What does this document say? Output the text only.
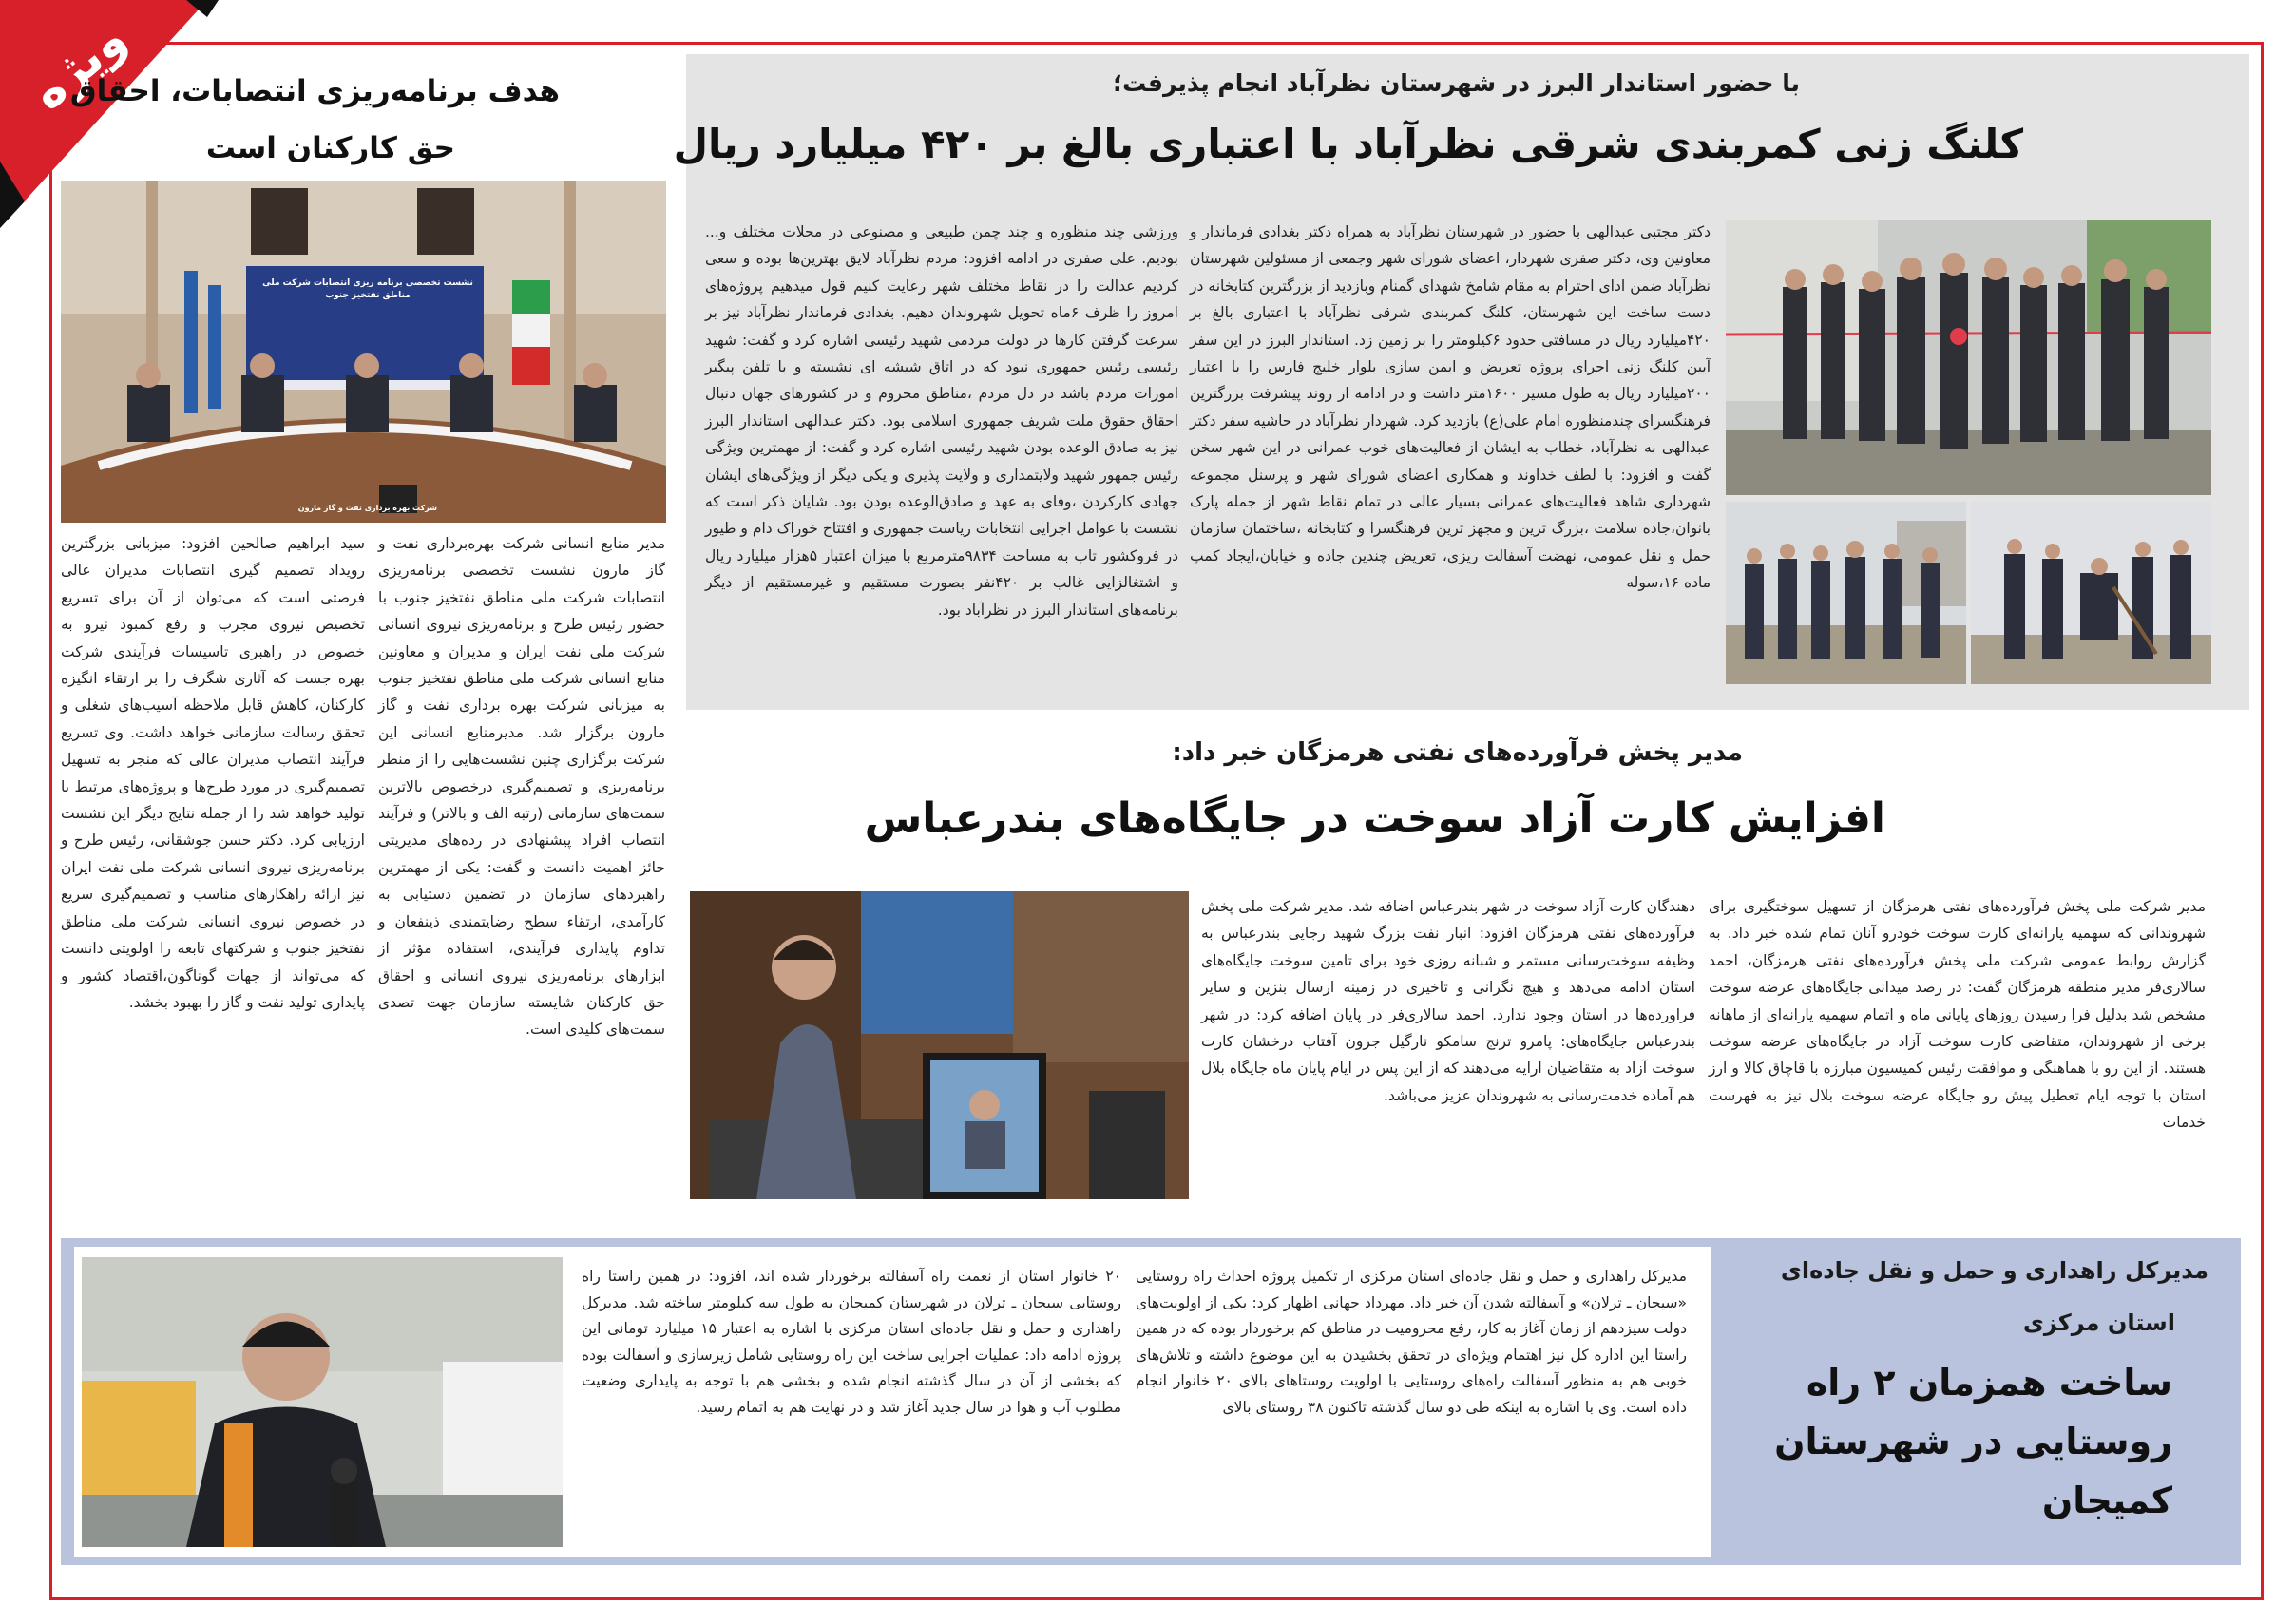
ویژه	با حضور استاندار البرز در شهرستان نظرآباد انجام پذیرفت؛
کلنگ زنی کمربندی شرقی نظرآباد با اعتباری بالغ بر ۴۲۰ میلیارد ریال
دکتر مجتبی عبدالهی با حضور در شهرستان نظرآباد به همراه دکتر بغدادی فرماندار و معاونین وی، دکتر صفری شهردار، اعضای شورای شهر وجمعی از مسئولین شهرستان نظرآباد ضمن ادای احترام به مقام شامخ شهدای گمنام وبازدید از بزرگترین کتابخانه در دست ساخت این شهرستان، کلنگ کمربندی شرقی نظرآباد با اعتباری بالغ بر ۴۲۰میلیارد ریال در مسافتی حدود ۶کیلومتر را بر زمین زد. استاندار البرز در این سفر آیین کلنگ زنی اجرای پروژه تعریض و ایمن سازی بلوار خلیج فارس را با اعتبار ۲۰۰میلیارد ریال به طول مسیر ۱۶۰۰متر داشت و در ادامه از روند پیشرفت بزرگترین فرهنگسرای چندمنظوره امام علی(ع) بازدید کرد. شهردار نظرآباد در حاشیه سفر دکتر عبدالهی به نظرآباد، خطاب به ایشان از فعالیت‌های خوب عمرانی در این شهر سخن گفت و افزود: با لطف خداوند و همکاری اعضای شورای شهر و پرسنل مجموعه شهرداری شاهد فعالیت‌های عمرانی بسیار عالی در تمام نقاط شهر از جمله پارک بانوان،جاده سلامت ،بزرگ ترین و مجهز ترین فرهنگسرا و کتابخانه ،ساختمان سازمان حمل و نقل عمومی، نهضت آسفالت ریزی، تعریض چندین جاده و خیابان،ایجاد کمپ ماده ۱۶،سوله
ورزشی چند منظوره و چند چمن طبیعی و مصنوعی در محلات مختلف و... بودیم. علی صفری در ادامه افزود: مردم نظرآباد لایق بهترین‌ها بوده و سعی کردیم عدالت را در نقاط مختلف شهر رعایت کنیم قول میدهیم پروژه‌های امروز را ظرف ۶ماه تحویل شهروندان دهیم. بغدادی فرماندار نظرآباد نیز بر سرعت گرفتن کارها در دولت مردمی شهید رئیسی اشاره کرد و گفت: شهید رئیسی رئیس جمهوری نبود که در اتاق شیشه ای نشسته و با تلفن پیگیر امورات مردم باشد در دل مردم ،مناطق محروم و در کشورهای جهان دنبال احقاق حقوق ملت شریف جمهوری اسلامی بود. دکتر عبدالهی استاندار البرز نیز به صادق الوعده بودن شهید رئیسی اشاره کرد و گفت: از مهمترین ویژگی رئیس جمهور شهید ولایتمداری و ولایت پذیری و یکی دیگر از ویژگی‌های ایشان جهادی کارکردن ،وفای به عهد و صادق‌الوعده بودن بود. شایان ذکر است که نشست با عوامل اجرایی انتخابات ریاست جمهوری و افتتاح خوراک دام و طیور در فروکشور تاب به مساحت ۹۸۳۴مترمربع با میزان اعتبار ۵هزار میلیارد ریال و اشتغالزایی غالب بر ۴۲۰نفر بصورت مستقیم و غیرمستقیم از دیگر برنامه‌های استاندار البرز در نظرآباد بود.
هدف برنامه‌ریزی انتصابات، احقاق
حق کارکنان است
نشست تخصصی برنامه ریزی انتصابات شرکت ملی مناطق نفتخیز جنوب
شرکت بهره برداری نفت و گاز مارون
مدیر منابع انسانی شرکت بهره‌برداری نفت و گاز مارون نشست تخصصی برنامه‌ریزی انتصابات شرکت ملی مناطق نفتخیز جنوب با حضور رئیس طرح و برنامه‌ریزی نیروی انسانی شرکت ملی نفت ایران و مدیران و معاونین منابع انسانی شرکت ملی مناطق نفتخیز جنوب به میزبانی شرکت بهره برداری نفت و گاز مارون برگزار شد. مدیرمنابع انسانی این شرکت برگزاری چنین نشست‌هایی را از منظر برنامه‌ریزی و تصمیم‌گیری درخصوص بالاترین سمت‌های سازمانی (رتبه الف و بالاتر) و فرآیند انتصاب افراد پیشنهادی در رده‌های مدیریتی حائز اهمیت دانست و گفت: یکی از مهمترین راهبردهای سازمان در تضمین دستیابی به کارآمدی، ارتقاء سطح رضایتمندی ذینفعان و تداوم پایداری فرآیندی، استفاده مؤثر از ابزارهای برنامه‌ریزی نیروی انسانی و احقاق حق کارکنان شایسته سازمان جهت تصدی سمت‌های کلیدی است.
سید ابراهیم صالحین افزود: میزبانی بزرگترین رویداد تصمیم گیری انتصابات مدیران عالی فرصتی است که می‌توان از آن برای تسریع تخصیص نیروی مجرب و رفع کمبود نیرو به خصوص در راهبری تاسیسات فرآیندی شرکت بهره جست که آثاری شگرف را بر ارتقاء انگیزه کارکنان، کاهش قابل ملاحظه آسیب‌های شغلی و تحقق رسالت سازمانی خواهد داشت. وی تسریع فرآیند انتصاب مدیران عالی که منجر به تسهیل تصمیم‌گیری در مورد طرح‌ها و پروژه‌های مرتبط با تولید خواهد شد را از جمله نتایج دیگر این نشست ارزیابی کرد. دکتر حسن جوشقانی، رئیس طرح و برنامه‌ریزی نیروی انسانی شرکت ملی نفت ایران نیز ارائه راهکارهای مناسب و تصمیم‌گیری سریع در خصوص نیروی انسانی شرکت ملی مناطق نفتخیز جنوب و شرکتهای تابعه را اولویتی دانست که می‌تواند از جهات گوناگون،اقتصاد کشور و پایداری تولید نفت و گاز را بهبود بخشد.
مدیر پخش فرآورده‌های نفتی هرمزگان خبر داد:
افزایش کارت آزاد سوخت در جایگاه‌های بندرعباس
مدیر شرکت ملی پخش فرآورده‌های نفتی هرمزگان از تسهیل سوختگیری برای شهروندانی که سهمیه یارانه‌ای کارت سوخت خودرو آنان تمام شده خبر داد. به گزارش روابط عمومی شرکت ملی پخش فرآورده‌های نفتی هرمزگان، احمد سالاری‌فر مدیر منطقه هرمزگان گفت: در رصد میدانی جایگاه‌های عرضه سوخت مشخص شد بدلیل فرا رسیدن روزهای پایانی ماه و اتمام سهمیه یارانه‌ای از ماهانه برخی از شهروندان، متقاضی کارت سوخت آزاد در جایگاه‌های عرضه سوخت هستند. از این رو با هماهنگی و موافقت رئیس کمیسیون مبارزه با قاچاق کالا و ارز استان با توجه ایام تعطیل پیش رو جایگاه عرضه سوخت بلال نیز به فهرست خدمات
دهندگان کارت آزاد سوخت در شهر بندرعباس اضافه شد. مدیر شرکت ملی پخش فرآورده‌های نفتی هرمزگان افزود: انبار نفت بزرگ شهید رجایی بندرعباس به وظیفه سوخت‌رسانی مستمر و شبانه روزی خود برای تامین سوخت جایگاه‌های استان ادامه می‌دهد و هیچ نگرانی و تاخیری در زمینه ارسال بنزین و سایر فراورده‌ها در استان وجود ندارد. احمد سالاری‌فر در پایان اضافه کرد: در شهر بندرعباس جایگاه‌های: پامرو ترنج سامکو نارگیل جرون آفتاب درخشان کارت سوخت آزاد به متقاضیان ارایه می‌دهند که از این پس در ایام پایان ماه جایگاه بلال هم آماده خدمت‌رسانی به شهروندان عزیز می‌باشد.
مدیرکل راهداری و حمل و نقل جاده‌ای
استان مرکزی
ساخت همزمان ۲ راه
روستایی در شهرستان
کمیجان
مدیرکل راهداری و حمل و نقل جاده‌ای استان مرکزی از تکمیل پروژه احداث راه روستایی «سیجان ـ ترلان» و آسفالته شدن آن خبر داد. مهرداد جهانی اظهار کرد: یکی از اولویت‌های دولت سیزدهم از زمان آغاز به کار، رفع محرومیت در مناطق کم برخوردار بوده که در همین راستا این اداره کل نیز اهتمام ویژه‌ای در تحقق بخشیدن به این موضوع داشته و تلاش‌های خوبی هم به منظور آسفالت راه‌های روستایی با اولویت روستاهای بالای ۲۰ خانوار انجام داده است. وی با اشاره به اینکه طی دو سال گذشته تاکنون ۳۸ روستای بالای
۲۰ خانوار استان از نعمت راه آسفالته برخوردار شده اند، افزود: در همین راستا راه روستایی سیجان ـ ترلان در شهرستان کمیجان به طول سه کیلومتر ساخته شد. مدیرکل راهداری و حمل و نقل جاده‌ای استان مرکزی با اشاره به اعتبار ۱۵ میلیارد تومانی این پروژه ادامه داد: عملیات اجرایی ساخت این راه روستایی شامل زیرسازی و آسفالت بوده که بخشی از آن در سال گذشته انجام شده و بخشی هم با توجه به پایداری وضعیت مطلوب آب و هوا در سال جدید آغاز شد و در نهایت هم به اتمام رسید.
